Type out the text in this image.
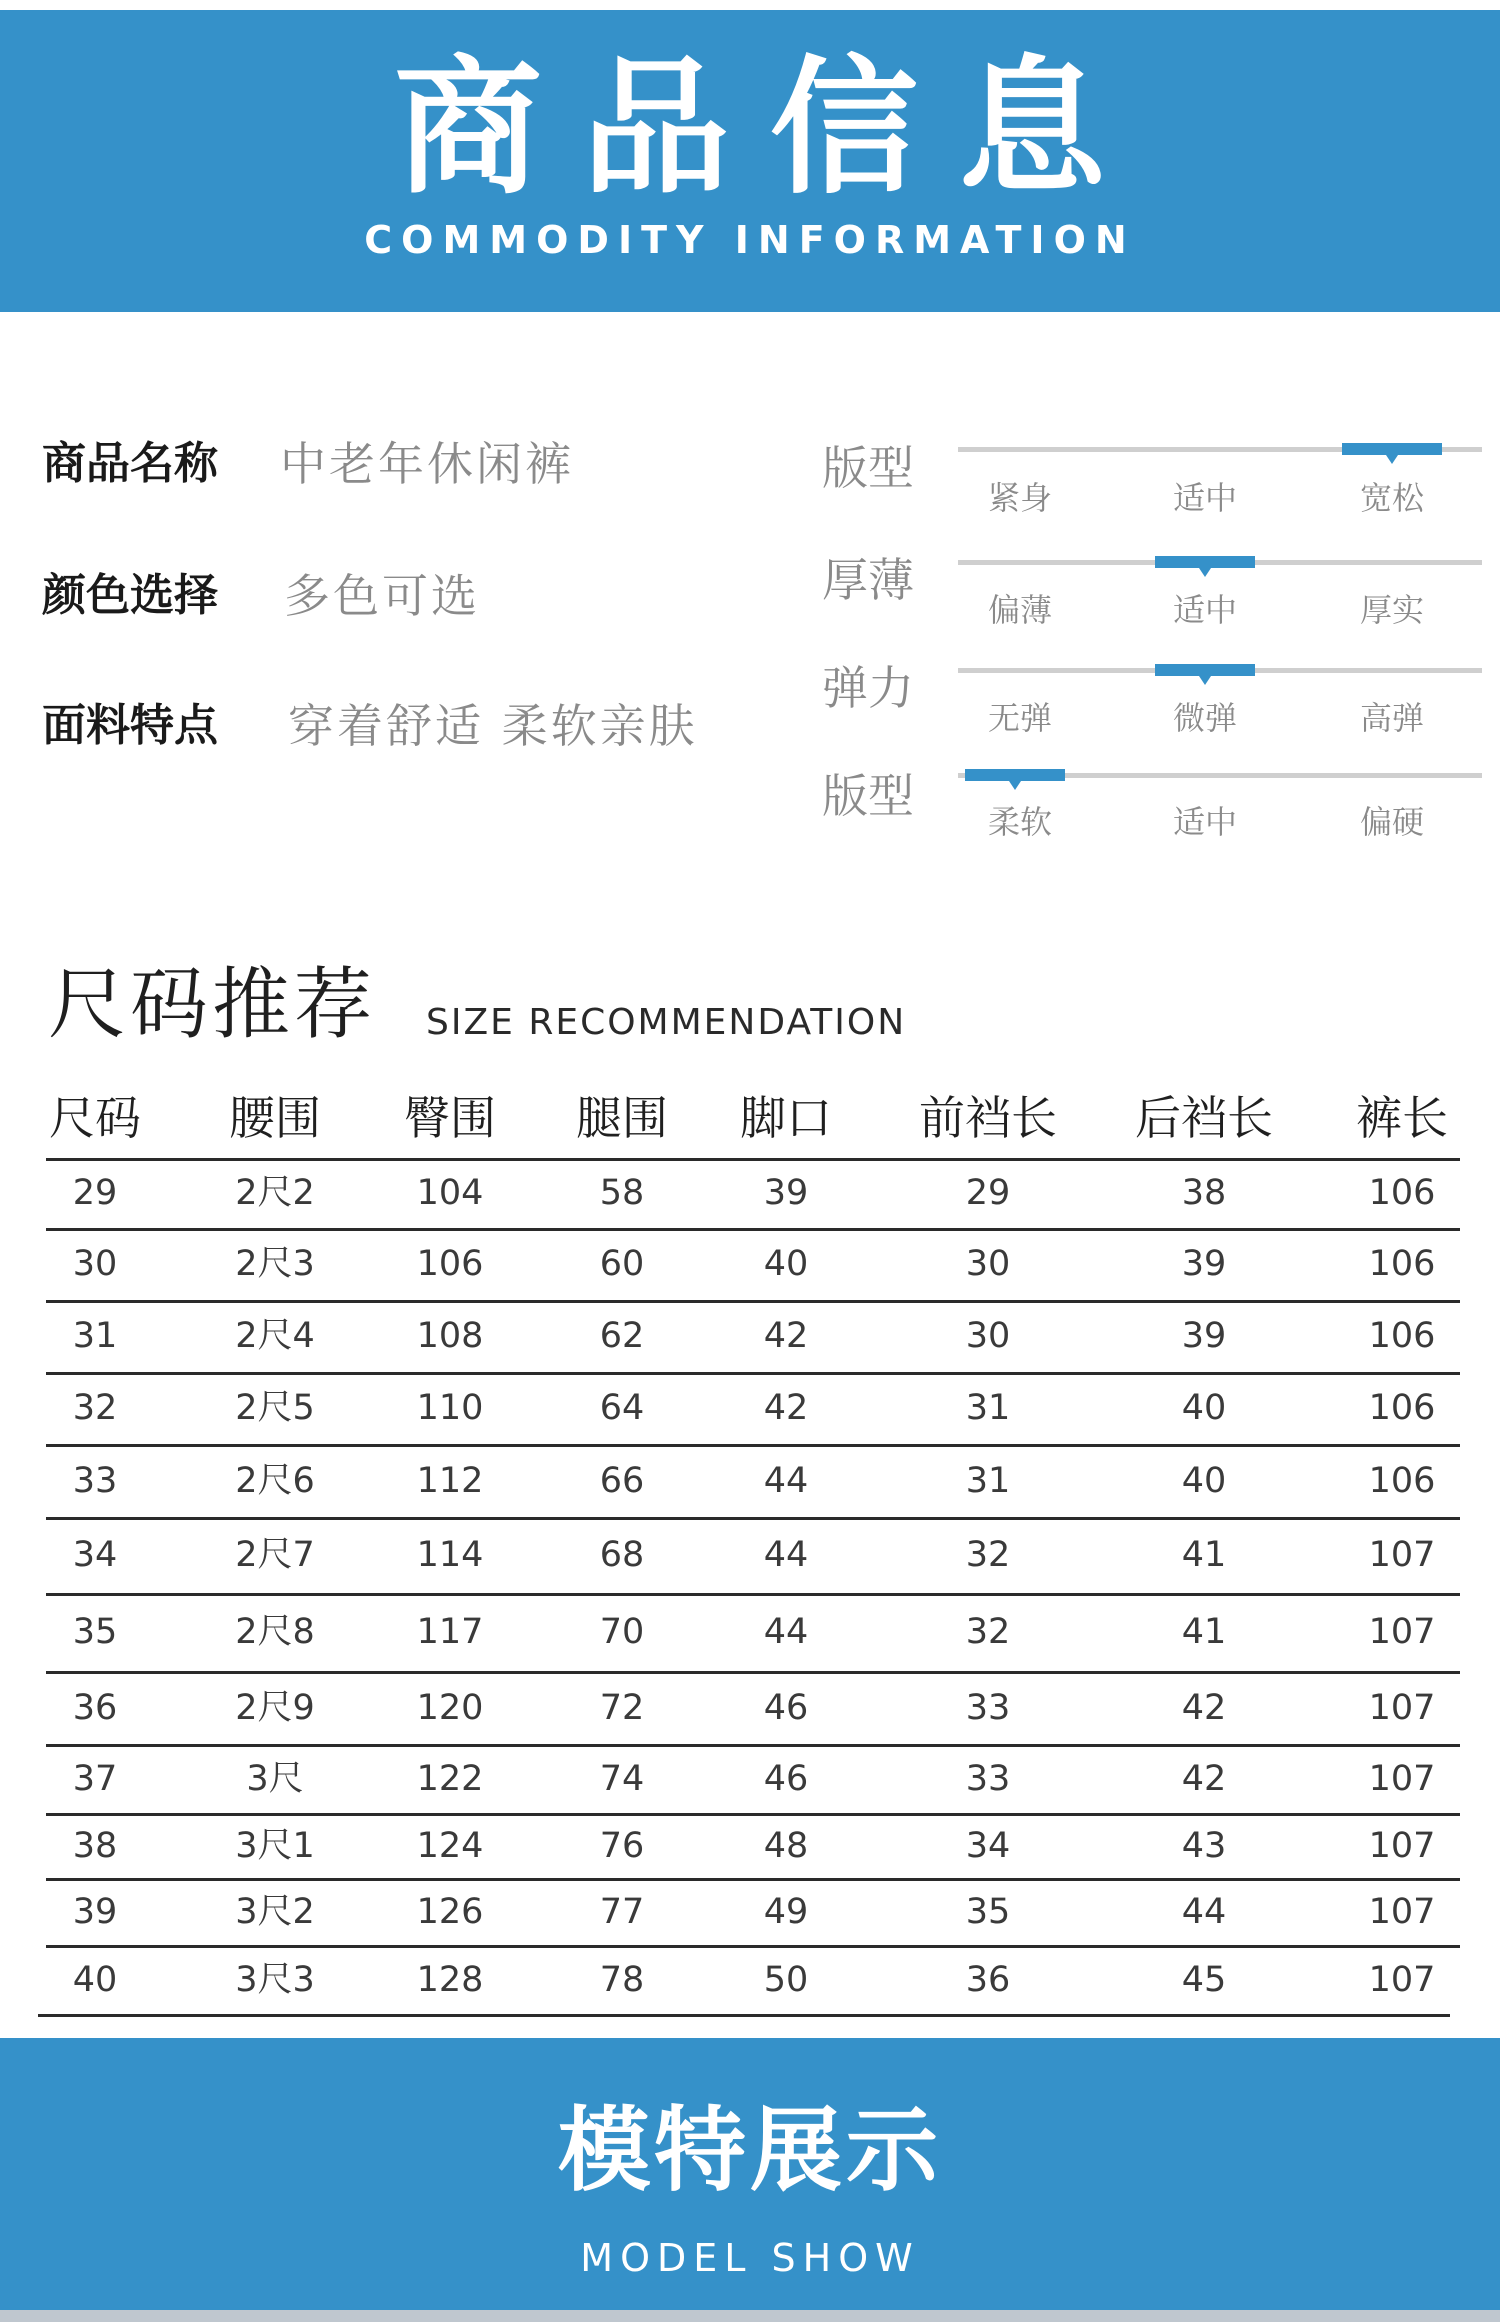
商品信息
COMMODITY INFORMATION
商品名称 中老年休闲裤
颜色选择 多色可选
面料特点 穿着舒适 柔软亲肤
版型
紧身	适中	宽松
厚薄
偏薄	适中	厚实
弹力
无弹	微弹	高弹
版型	柔软	适中	偏硬
尺码推荐 SIZE RECOMMENDATION
尺码	腰围	臀围	腿围	脚口	前裆长	后裆长	裤长
29	2尺2	104	58	39	29	38	106
30	2尺3	106	60	40	30	39	106
31	2尺4	108	62	42	30	39	106
32	2尺5	110	64	42	31	40	106
33	2尺6	112	66	44	31	40	106
34	2尺7	114	68	44	32	41	107
35	2尺8	117	70	44	32	41	107
36	2尺9	120	72	46	33	42	107
37	3尺	122	74	46	33	42	107
38	3尺1	124	76	48	34	43	107
39	3尺2	126	77	49	35	44	107
40	3尺3	128	78	50	36	45	107
模特展示
MODEL SHOW
